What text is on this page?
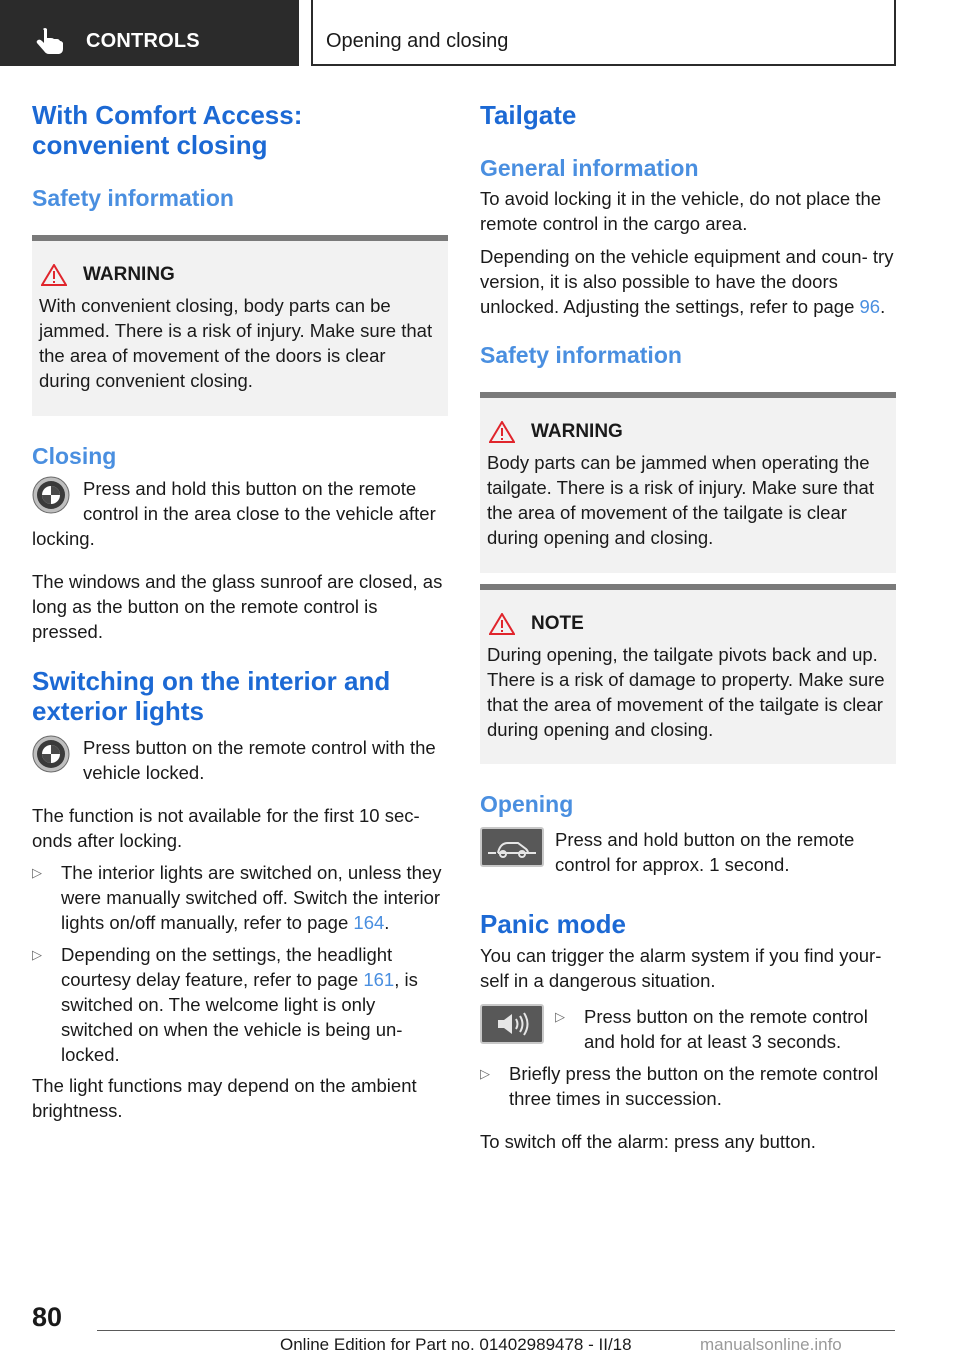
CONTROLS	Opening and closing
With Comfort Access: convenient closing
Safety information
WARNING
With convenient closing, body parts can be jammed. There is a risk of injury. Make sure that the area of movement of the doors is clear during convenient closing.
Closing
Press and hold this button on the remote control in the area close to the vehicle after
locking.
The windows and the glass sunroof are closed, as long as the button on the remote control is pressed.
Switching on the interior and exterior lights
Press button on the remote control with the vehicle locked.
The function is not available for the first 10 sec‐ onds after locking.
▷	The interior lights are switched on, unless they were manually switched off. Switch the interior lights on/off manually, refer to page 164.
▷	Depending on the settings, the headlight courtesy delay feature, refer to page 161, is switched on. The welcome light is only switched on when the vehicle is being un‐ locked.
The light functions may depend on the ambient brightness.
Tailgate
General information
To avoid locking it in the vehicle, do not place the remote control in the cargo area.
Depending on the vehicle equipment and coun‐ try version, it is also possible to have the doors unlocked. Adjusting the settings, refer to page 96.
Safety information
WARNING
Body parts can be jammed when operating the tailgate. There is a risk of injury. Make sure that the area of movement of the tailgate is clear during opening and closing.
NOTE
During opening, the tailgate pivots back and up. There is a risk of damage to property. Make sure that the area of movement of the tailgate is clear during opening and closing.
Opening
Press and hold button on the remote control for approx. 1 second.
Panic mode
You can trigger the alarm system if you find your‐ self in a dangerous situation.
▷	Press button on the remote control and hold for at least 3 seconds.
▷	Briefly press the button on the remote control three times in succession.
To switch off the alarm: press any button.
80
Online Edition for Part no. 01402989478 - II/18	manualsonline.info
